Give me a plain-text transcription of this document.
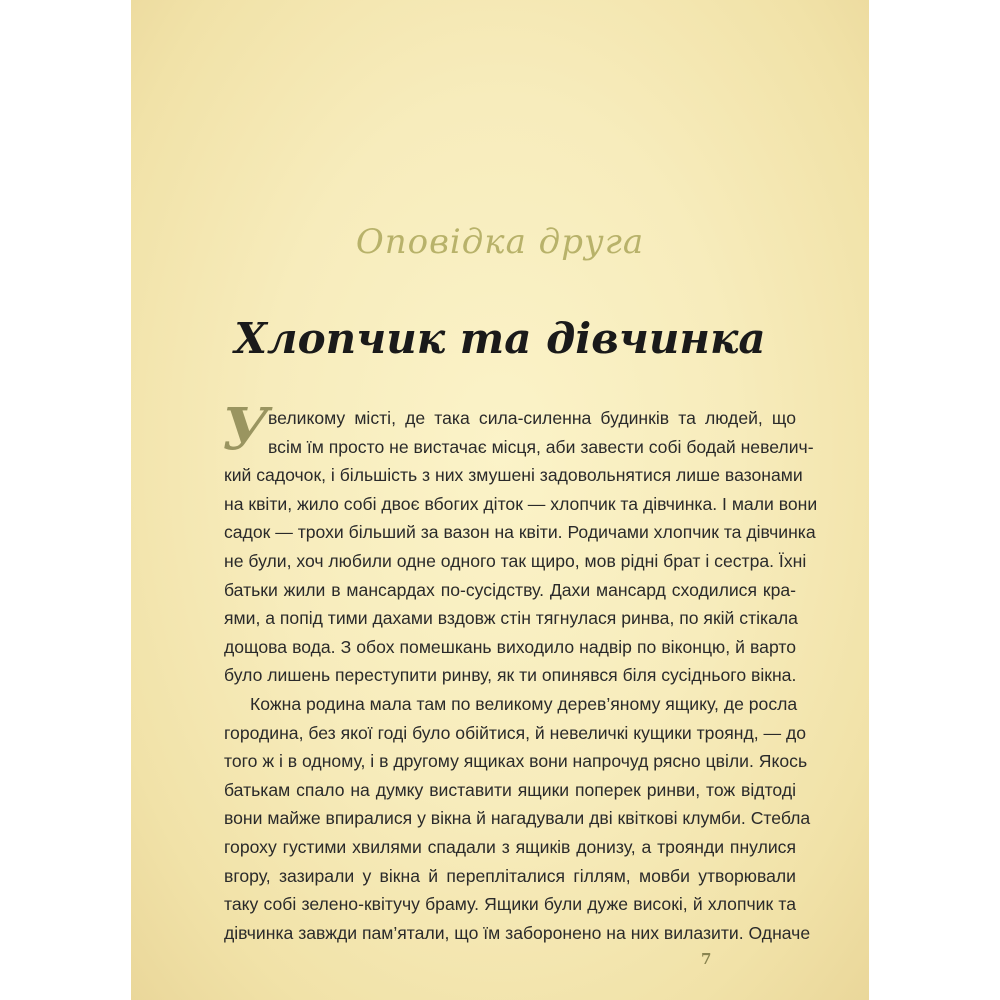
Оповідка друга
Хлопчик та дівчинка
У
великому місті, де така сила-силенна будинків та людей, що
всім їм просто не вистачає місця, аби завести собі бодай невелич-
кий садочок, і більшість з них змушені задовольнятися лише вазонами
на квіти, жило собі двоє вбогих діток — хлопчик та дівчинка. І мали вони
садок — трохи більший за вазон на квіти. Родичами хлопчик та дівчинка
не були, хоч любили одне одного так щиро, мов рідні брат і сестра. Їхні
батьки жили в мансардах по-сусідству. Дахи мансард сходилися кра-
ями, а попід тими дахами вздовж стін тягнулася ринва, по якій стікала
дощова вода. З обох помешкань виходило надвір по віконцю, й варто
було лишень переступити ринву, як ти опинявся біля сусіднього вікна.
Кожна родина мала там по великому дерев’яному ящику, де росла
городина, без якої годі було обійтися, й невеличкі кущики троянд, — до
того ж і в одному, і в другому ящиках вони напрочуд рясно цвіли. Якось
батькам спало на думку виставити ящики поперек ринви, тож відтоді
вони майже впиралися у вікна й нагадували дві квіткові клумби. Стебла
гороху густими хвилями спадали з ящиків донизу, а троянди пнулися
вгору, зазирали у вікна й переплiталися гіллям, мовби утворювали
таку собі зелено-квітучу браму. Ящики були дуже високі, й хлопчик та
дівчинка завжди пам’ятали, що їм заборонено на них вилазити. Одначе
7
